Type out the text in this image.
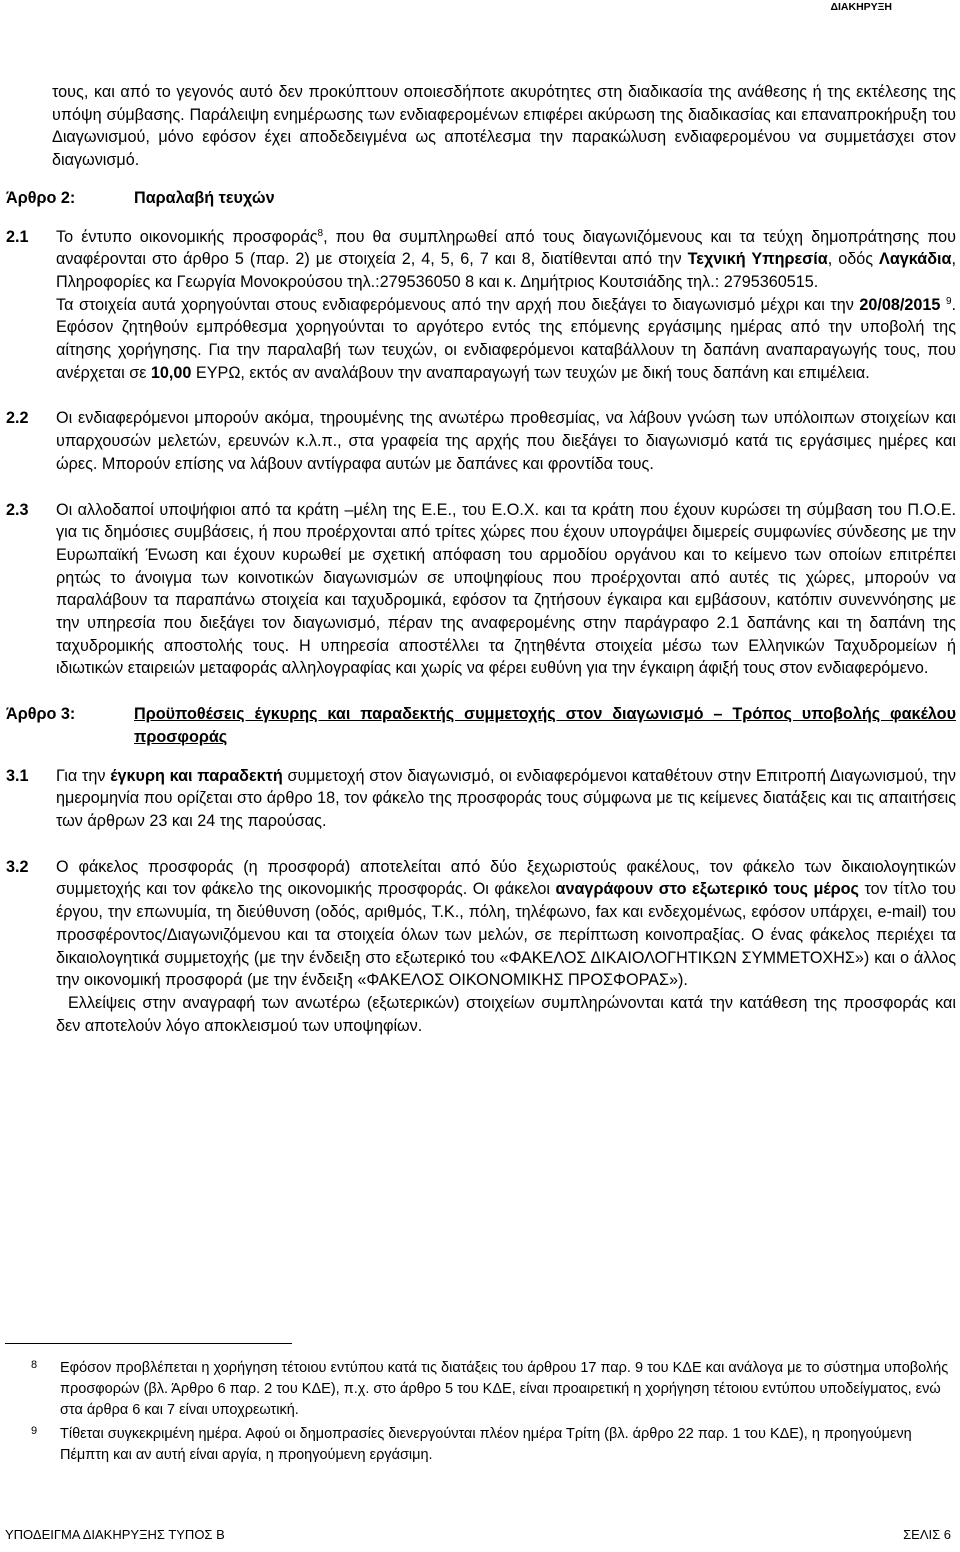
ΔΙΑΚΗΡΥΞΗ

τους, και από το γεγονός αυτό δεν προκύπτουν οποιεσδήποτε ακυρότητες στη διαδικασία της ανάθεσης ή της εκτέλεσης της υπόψη σύμβασης. Παράλειψη ενημέρωσης των ενδιαφερομένων επιφέρει ακύρωση της διαδικασίας και επαναπροκήρυξη του Διαγωνισμού, μόνο εφόσον έχει αποδεδειγμένα ως αποτέλεσμα την παρακώλυση ενδιαφερομένου να συμμετάσχει στον διαγωνισμό.

Άρθρο 2:	Παραλαβή τευχών
2.1	Το έντυπο οικονομικής προσφοράς$^8$, που θα συμπληρωθεί από τους διαγωνιζόμενους και τα τεύχη δημοπράτησης που αναφέρονται στο άρθρο 5 (παρ. 2) με στοιχεία 2, 4, 5, 6, 7 και 8, διατίθενται από την Τεχνική Υπηρεσία, οδός Λαγκάδια, Πληροφορίες κα Γεωργία Μονοκρούσου τηλ.:279536050 8 και κ. Δημήτριος Κουτσιάδης τηλ.: 2795360515.

Τα στοιχεία αυτά χορηγούνται στους ενδιαφερόμενους από την αρχή που διεξάγει το διαγωνισμό μέχρι και την 20/08/2015 $^9$. Εφόσον ζητηθούν εμπρόθεσμα χορηγούνται το αργότερο εντός της επόμενης εργάσιμης ημέρας από την υποβολή της αίτησης χορήγησης. Για την παραλαβή των τευχών, οι ενδιαφερόμενοι καταβάλλουν τη δαπάνη αναπαραγωγής τους, που ανέρχεται σε 10,00 ΕΥΡΩ, εκτός αν αναλάβουν την αναπαραγωγή των τευχών με δική τους δαπάνη και επιμέλεια.

2.2	Οι ενδιαφερόμενοι μπορούν ακόμα, τηρουμένης της ανωτέρω προθεσμίας, να λάβουν γνώση των υπόλοιπων στοιχείων και υπαρχουσών μελετών, ερευνών κ.λ.π., στα γραφεία της αρχής που διεξάγει το διαγωνισμό κατά τις εργάσιμες ημέρες και ώρες. Μπορούν επίσης να λάβουν αντίγραφα αυτών με δαπάνες και φροντίδα τους.

2.3	Οι αλλοδαποί υποψήφιοι από τα κράτη –μέλη της Ε.Ε., του Ε.Ο.Χ. και τα κράτη που έχουν κυρώσει τη σύμβαση του Π.Ο.Ε. για τις δημόσιες συμβάσεις, ή που προέρχονται από τρίτες χώρες που έχουν υπογράψει διμερείς συμφωνίες σύνδεσης με την Ευρωπαϊκή Ένωση και έχουν κυρωθεί με σχετική απόφαση του αρμοδίου οργάνου και το κείμενο των οποίων επιτρέπει ρητώς το άνοιγμα των κοινοτικών διαγωνισμών σε υποψηφίους που προέρχονται από αυτές τις χώρες, μπορούν να παραλάβουν τα παραπάνω στοιχεία και ταχυδρομικά, εφόσον τα ζητήσουν έγκαιρα και εμβάσουν, κατόπιν συνεννόησης με την υπηρεσία που διεξάγει τον διαγωνισμό, πέραν της αναφερομένης στην παράγραφο 2.1 δαπάνης και τη δαπάνη της ταχυδρομικής αποστολής τους. Η υπηρεσία αποστέλλει τα ζητηθέντα στοιχεία μέσω των Ελληνικών Ταχυδρομείων ή ιδιωτικών εταιρειών μεταφοράς αλληλογραφίας και χωρίς να φέρει ευθύνη για την έγκαιρη άφιξή τους στον ενδιαφερόμενο.

Άρθρο 3:	Προϋποθέσεις έγκυρης και παραδεκτής συμμετοχής στον διαγωνισμό – Τρόπος υποβολής φακέλου προσφοράς
3.1	Για την έγκυρη και παραδεκτή συμμετοχή στον διαγωνισμό, οι ενδιαφερόμενοι καταθέτουν στην Επιτροπή Διαγωνισμού, την ημερομηνία που ορίζεται στο άρθρο 18, τον φάκελο της προσφοράς τους σύμφωνα με τις κείμενες διατάξεις και τις απαιτήσεις των άρθρων 23 και 24 της παρούσας.

3.2	Ο φάκελος προσφοράς (η προσφορά) αποτελείται από δύο ξεχωριστούς φακέλους, τον φάκελο των δικαιολογητικών συμμετοχής και τον φάκελο της οικονομικής προσφοράς. Οι φάκελοι αναγράφουν στο εξωτερικό τους μέρος τον τίτλο του έργου, την επωνυμία, τη διεύθυνση (οδός, αριθμός, Τ.Κ., πόλη, τηλέφωνο, fax και ενδεχομένως, εφόσον υπάρχει, e-mail) του προσφέροντος/Διαγωνιζόμενου και τα στοιχεία όλων των μελών, σε περίπτωση κοινοπραξίας. Ο ένας φάκελος περιέχει τα δικαιολογητικά συμμετοχής (με την ένδειξη στο εξωτερικό του «ΦΑΚΕΛΟΣ ΔΙΚΑΙΟΛΟΓΗΤΙΚΩΝ ΣΥΜΜΕΤΟΧΗΣ») και ο άλλος την οικονομική προσφορά (με την ένδειξη «ΦΑΚΕΛΟΣ ΟΙΚΟΝΟΜΙΚΗΣ ΠΡΟΣΦΟΡΑΣ»).

Ελλείψεις στην αναγραφή των ανωτέρω (εξωτερικών) στοιχείων συμπληρώνονται κατά την κατάθεση της προσφοράς και δεν αποτελούν λόγο αποκλεισμού των υποψηφίων.

8	Εφόσον προβλέπεται η χορήγηση τέτοιου εντύπου κατά τις διατάξεις του άρθρου 17 παρ. 9 του ΚΔΕ και ανάλογα με το σύστημα υποβολής προσφορών (βλ. Άρθρο 6 παρ. 2 του ΚΔΕ), π.χ. στο άρθρο 5 του ΚΔΕ, είναι προαιρετική η χορήγηση τέτοιου εντύπου υποδείγματος, ενώ στα άρθρα 6 και 7 είναι υποχρεωτική.
9	Τίθεται συγκεκριμένη ημέρα. Αφού οι δημοπρασίες διενεργούνται πλέον ημέρα Τρίτη (βλ. άρθρο 22 παρ. 1 του ΚΔΕ), η προηγούμενη Πέμπτη και αν αυτή είναι αργία, η προηγούμενη εργάσιμη.
ΥΠΟΔΕΙΓΜΑ ΔΙΑΚΗΡΥΞΗΣ ΤΥΠΟΣ Β	ΣΕΛΙΣ 6
